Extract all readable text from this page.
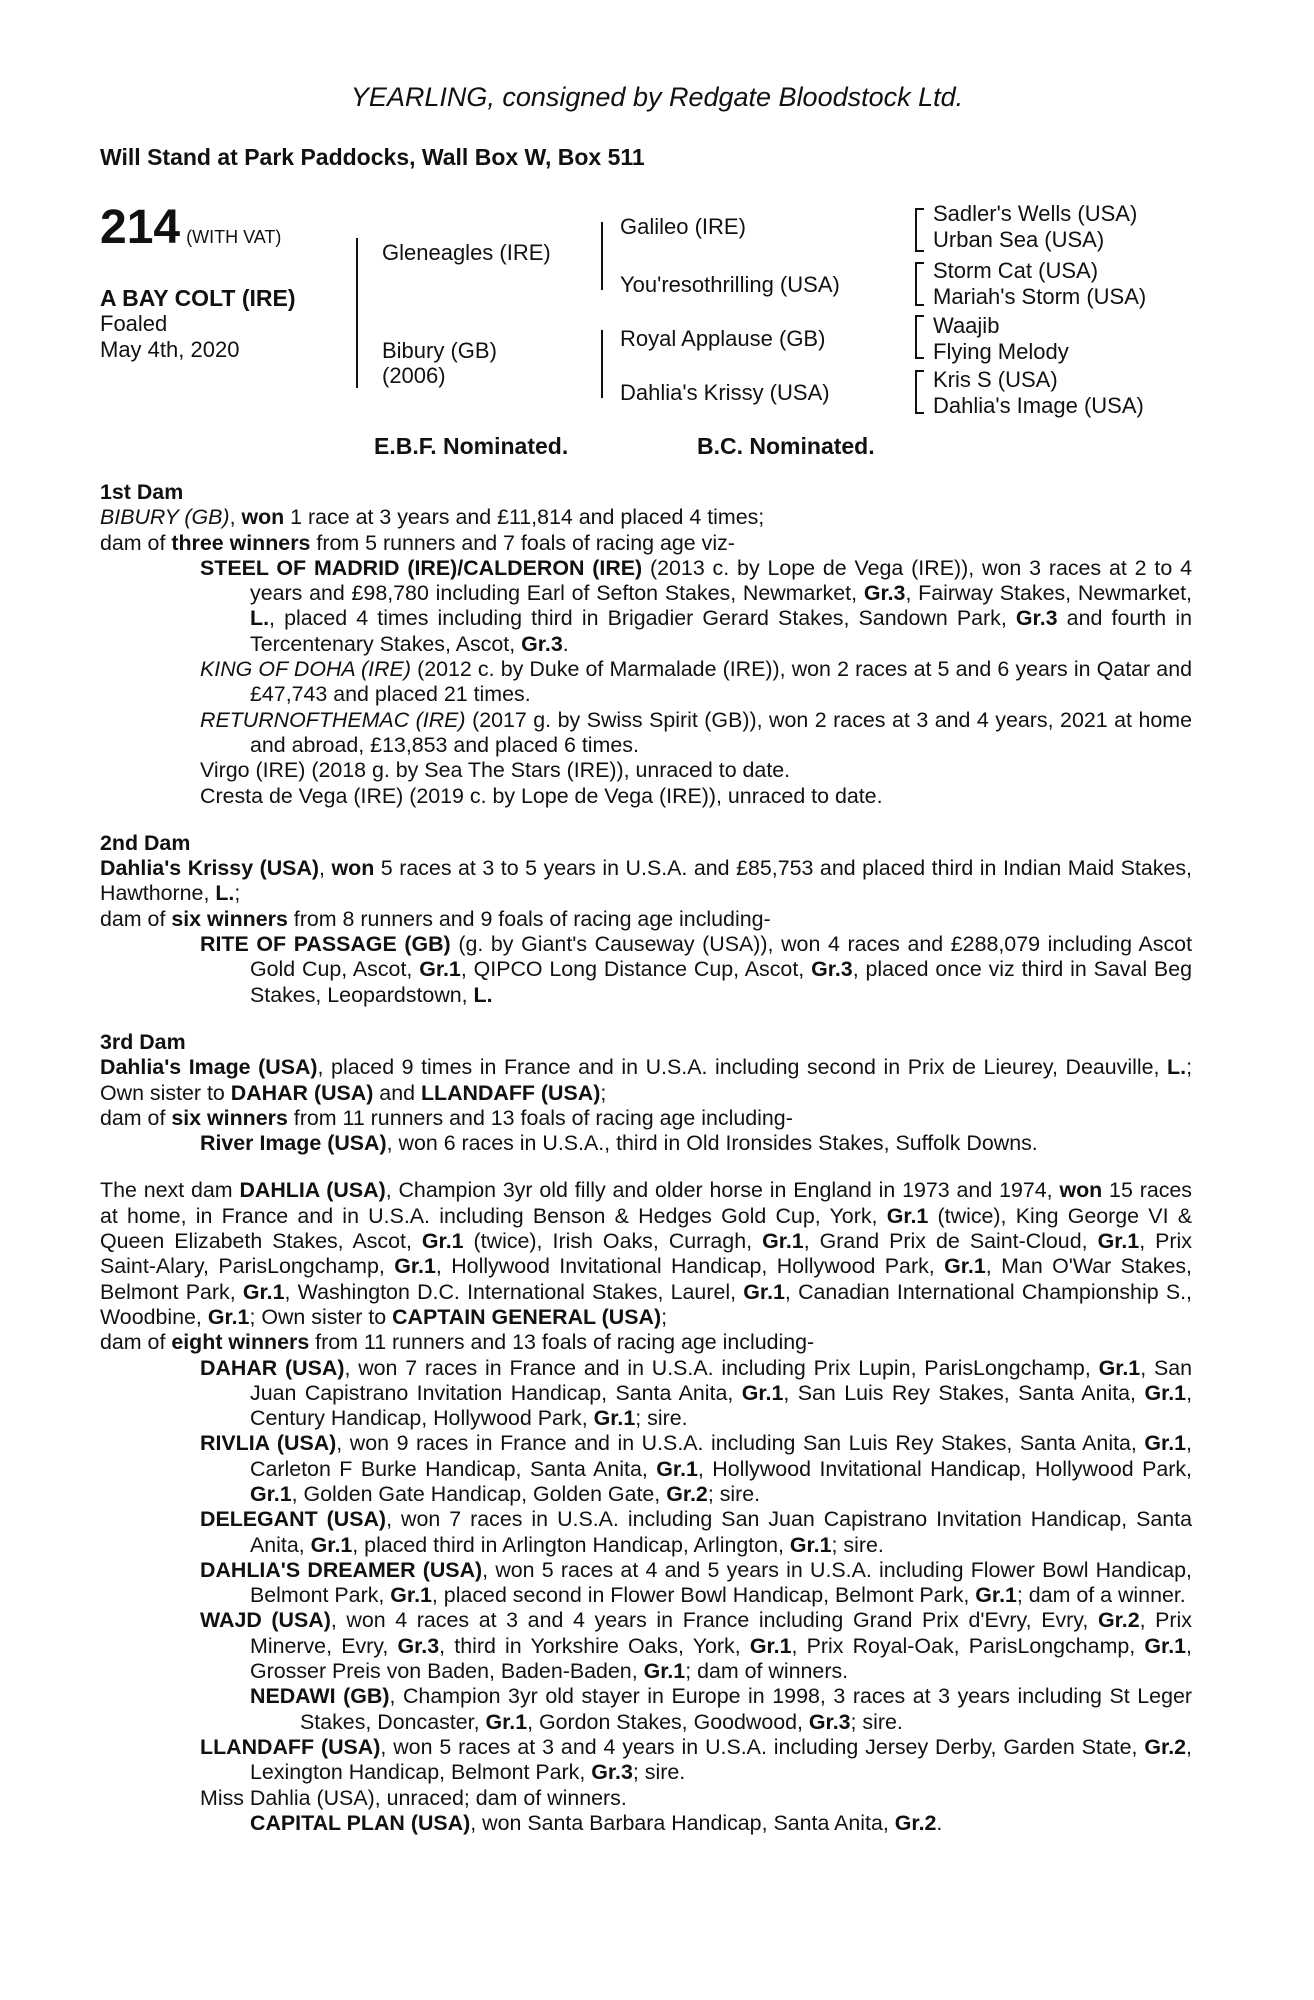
YEARLING, consigned by Redgate Bloodstock Ltd.
Will Stand at Park Paddocks, Wall Box W, Box 511
214 (WITH VAT)
A BAY COLT (IRE)
Foaled
May 4th, 2020
Gleneagles (IRE)
Bibury (GB)
(2006)
Galileo (IRE)
You'resothrilling (USA)
Royal Applause (GB)
Dahlia's Krissy (USA)
Sadler's Wells (USA)
Urban Sea (USA)
Storm Cat (USA)
Mariah's Storm (USA)
Waajib
Flying Melody
Kris S (USA)
Dahlia's Image (USA)
E.B.F. Nominated.	B.C. Nominated.
1st Dam
BIBURY (GB), won 1 race at 3 years and £11,814 and placed 4 times;
dam of three winners from 5 runners and 7 foals of racing age viz-
STEEL OF MADRID (IRE)/CALDERON (IRE) (2013 c. by Lope de Vega (IRE)), won 3 races at 2 to 4 years and £98,780 including Earl of Sefton Stakes, Newmarket, Gr.3, Fairway Stakes, Newmarket, L., placed 4 times including third in Brigadier Gerard Stakes, Sandown Park, Gr.3 and fourth in Tercentenary Stakes, Ascot, Gr.3.
KING OF DOHA (IRE) (2012 c. by Duke of Marmalade (IRE)), won 2 races at 5 and 6 years in Qatar and £47,743 and placed 21 times.
RETURNOFTHEMAC (IRE) (2017 g. by Swiss Spirit (GB)), won 2 races at 3 and 4 years, 2021 at home and abroad, £13,853 and placed 6 times.
Virgo (IRE) (2018 g. by Sea The Stars (IRE)), unraced to date.
Cresta de Vega (IRE) (2019 c. by Lope de Vega (IRE)), unraced to date.
2nd Dam
Dahlia's Krissy (USA), won 5 races at 3 to 5 years in U.S.A. and £85,753 and placed third in Indian Maid Stakes, Hawthorne, L.;
dam of six winners from 8 runners and 9 foals of racing age including-
RITE OF PASSAGE (GB) (g. by Giant's Causeway (USA)), won 4 races and £288,079 including Ascot Gold Cup, Ascot, Gr.1, QIPCO Long Distance Cup, Ascot, Gr.3, placed once viz third in Saval Beg Stakes, Leopardstown, L.
3rd Dam
Dahlia's Image (USA), placed 9 times in France and in U.S.A. including second in Prix de Lieurey, Deauville, L.; Own sister to DAHAR (USA) and LLANDAFF (USA);
dam of six winners from 11 runners and 13 foals of racing age including-
River Image (USA), won 6 races in U.S.A., third in Old Ironsides Stakes, Suffolk Downs.
The next dam DAHLIA (USA), Champion 3yr old filly and older horse in England in 1973 and 1974, won 15 races at home, in France and in U.S.A. including Benson & Hedges Gold Cup, York, Gr.1 (twice), King George VI & Queen Elizabeth Stakes, Ascot, Gr.1 (twice), Irish Oaks, Curragh, Gr.1, Grand Prix de Saint-Cloud, Gr.1, Prix Saint-Alary, ParisLongchamp, Gr.1, Hollywood Invitational Handicap, Hollywood Park, Gr.1, Man O'War Stakes, Belmont Park, Gr.1, Washington D.C. International Stakes, Laurel, Gr.1, Canadian International Championship S., Woodbine, Gr.1; Own sister to CAPTAIN GENERAL (USA);
dam of eight winners from 11 runners and 13 foals of racing age including-
DAHAR (USA), won 7 races in France and in U.S.A. including Prix Lupin, ParisLongchamp, Gr.1, San Juan Capistrano Invitation Handicap, Santa Anita, Gr.1, San Luis Rey Stakes, Santa Anita, Gr.1, Century Handicap, Hollywood Park, Gr.1; sire.
RIVLIA (USA), won 9 races in France and in U.S.A. including San Luis Rey Stakes, Santa Anita, Gr.1, Carleton F Burke Handicap, Santa Anita, Gr.1, Hollywood Invitational Handicap, Hollywood Park, Gr.1, Golden Gate Handicap, Golden Gate, Gr.2; sire.
DELEGANT (USA), won 7 races in U.S.A. including San Juan Capistrano Invitation Handicap, Santa Anita, Gr.1, placed third in Arlington Handicap, Arlington, Gr.1; sire.
DAHLIA'S DREAMER (USA), won 5 races at 4 and 5 years in U.S.A. including Flower Bowl Handicap, Belmont Park, Gr.1, placed second in Flower Bowl Handicap, Belmont Park, Gr.1; dam of a winner.
WAJD (USA), won 4 races at 3 and 4 years in France including Grand Prix d'Evry, Evry, Gr.2, Prix Minerve, Evry, Gr.3, third in Yorkshire Oaks, York, Gr.1, Prix Royal-Oak, ParisLongchamp, Gr.1, Grosser Preis von Baden, Baden-Baden, Gr.1; dam of winners.
NEDAWI (GB), Champion 3yr old stayer in Europe in 1998, 3 races at 3 years including St Leger Stakes, Doncaster, Gr.1, Gordon Stakes, Goodwood, Gr.3; sire.
LLANDAFF (USA), won 5 races at 3 and 4 years in U.S.A. including Jersey Derby, Garden State, Gr.2, Lexington Handicap, Belmont Park, Gr.3; sire.
Miss Dahlia (USA), unraced; dam of winners.
CAPITAL PLAN (USA), won Santa Barbara Handicap, Santa Anita, Gr.2.
